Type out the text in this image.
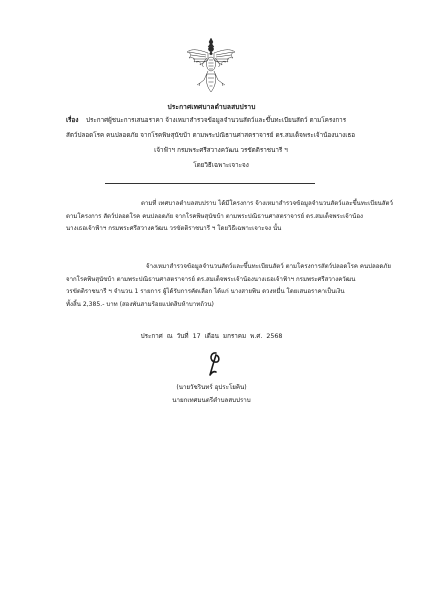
ประกาศเทศบาลตำบลสบปราบ
เรื่อง ประกาศผู้ชนะการเสนอราคา จ้างเหมาสำรวจข้อมูลจำนวนสัตว์และขึ้นทะเบียนสัตว์ ตามโครงการ
สัตว์ปลอดโรค คนปลอดภัย จากโรคพิษสุนัขบ้า ตามพระปณิธานศาสตราจารย์ ดร.สมเด็จพระเจ้าน้องนางเธอ
เจ้าฟ้าฯ กรมพระศรีสวางควัฒน วรขัตติราชนารี ฯ
โดยวิธีเฉพาะเจาะจง
ตามที่ เทศบาลตำบลสบปราบ ได้มีโครงการ จ้างเหมาสำรวจข้อมูลจำนวนสัตว์และขึ้นทะเบียนสัตว์
ตามโครงการ สัตว์ปลอดโรค คนปลอดภัย จากโรคพิษสุนัขบ้า ตามพระปณิธานศาสตราจารย์ ดร.สมเด็จพระเจ้าน้อง
นางเธอเจ้าฟ้าฯ กรมพระศรีสวางควัฒน วรขัตติราชนารี ฯ โดยวิธีเฉพาะเจาะจง นั้น
จ้างเหมาสำรวจข้อมูลจำนวนสัตว์และขึ้นทะเบียนสัตว์ ตามโครงการสัตว์ปลอดโรค คนปลอดภัย
จากโรคพิษสุนัขบ้า ตามพระปณิธานศาสตราจารย์ ดร.สมเด็จพระเจ้าน้องนางเธอเจ้าฟ้าฯ กรมพระศรีสวางควัฒน
วรขัตติราชนารี ฯ จำนวน 1 รายการ ผู้ได้รับการคัดเลือก ได้แก่ นางสายพิน ดวงหมื่น โดยเสนอราคาเป็นเงิน
ทั้งสิ้น 2,385.- บาท (สองพันสามร้อยแปดสิบห้าบาทถ้วน)
ประกาศ ณ วันที่ 17 เดือน มกราคม พ.ศ. 2568
(นายวัชรินทร์ อุประโยคิน)
นายกเทศมนตรีตำบลสบปราบ
